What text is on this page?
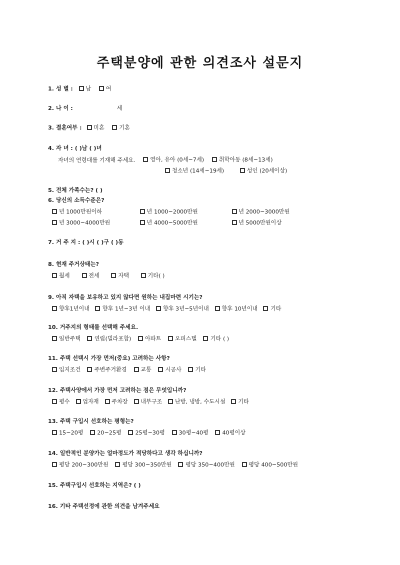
주택분양에 관한 의견조사 설문지
1. 성 별 : 남	여
2. 나 이 :	세
3. 결혼여부 : 미혼	기혼
4. 자 녀 : ( )남 ( )녀
자녀의 연령대를 기재해 주세요.	영아, 유아 (0세~7세)	취학아동 (8세~13세)
청소년 (14세~19세)	성인 (20세이상)
5. 전체 가족수는? ( )
6. 당신의 소득수준은?
년 1000만원이하	년 1000~2000만원	년 2000~3000만원
년 3000~4000만원	년 4000~5000만원	년 5000만원이상
7. 거 주 지 : ( )시 ( )구 ( )동
8. 현재 주거상태는?
월세	전세	자택	기타( )
9. 아직 자택을 보유하고 있지 않다면 원하는 내집마련 시기는?
향후1년이내 향후 1년~3년 이내 향후 3년~5년이내 향후 10년이내 기타
10. 거주지의 형태를 선택해 주세요.
일반주택 연립(빌라포함) 아파트 오피스텔 기타 ( )
11. 주택 선택시 가장 먼저(중요) 고려하는 사항?
입지조건 주변주거환경 교통 시공사 기타
12. 주택사양에서 가장 먼저 고려하는 점은 무엇입니까?
평수 업자재 주차장 내부구조 난방, 냉방, 수도시설 기타
13. 주택 구입시 선호하는 평형는?
15~20평 20~25평 25평~30평 30평~40평 40평이상
14. 일반적인 분양가는 얼마정도가 적당하다고 생각 하십니까?
평당 200~300만원 평당 300~350만원 평당 350~400만원 평당 400~500만원
15. 주택구입시 선호하는 지역은? ( )
16. 기타 주택선정에 관한 의견을 남겨주세요
